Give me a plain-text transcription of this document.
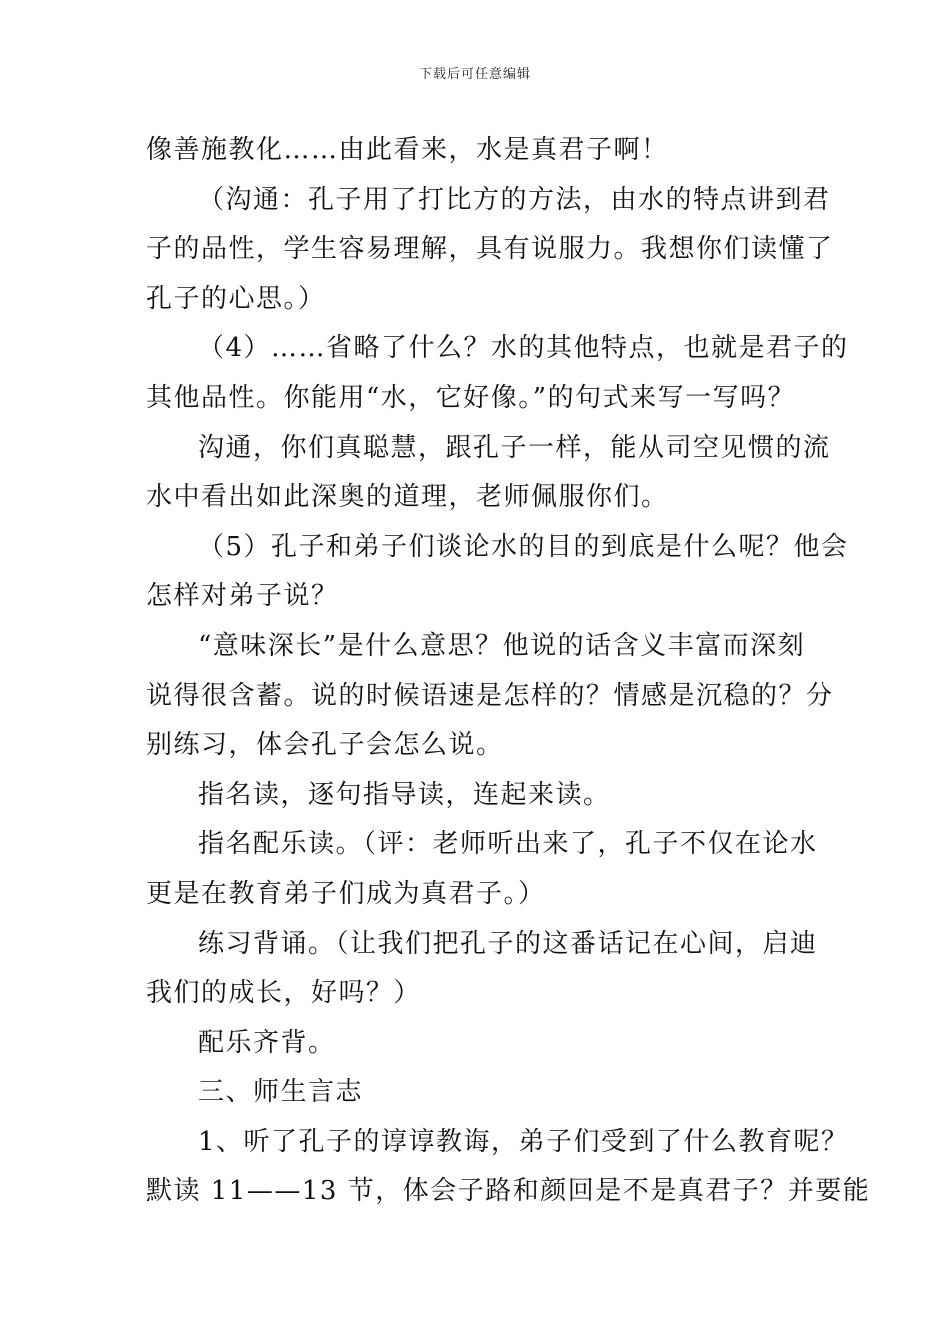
下载后可任意编辑
像善施教化……由此看来，水是真君子啊！
（沟通：孔子用了打比方的方法，由水的特点讲到君
子的品性，学生容易理解，具有说服力。我想你们读懂了
孔子的心思。）
（4）……省略了什么？水的其他特点，也就是君子的
其他品性。你能用“水，它好像。”的句式来写一写吗？
沟通，你们真聪慧，跟孔子一样，能从司空见惯的流
水中看出如此深奥的道理，老师佩服你们。
（5）孔子和弟子们谈论水的目的到底是什么呢？他会
怎样对弟子说？
“意味深长”是什么意思？他说的话含义丰富而深刻
说得很含蓄。说的时候语速是怎样的？情感是沉稳的？分
别练习，体会孔子会怎么说。
指名读，逐句指导读，连起来读。
指名配乐读。（评：老师听出来了，孔子不仅在论水
更是在教育弟子们成为真君子。）
练习背诵。（让我们把孔子的这番话记在心间，启迪
我们的成长，好吗？）
配乐齐背。
三、师生言志
1、听了孔子的谆谆教诲，弟子们受到了什么教育呢？
默读 11——13 节，体会子路和颜回是不是真君子？并要能
